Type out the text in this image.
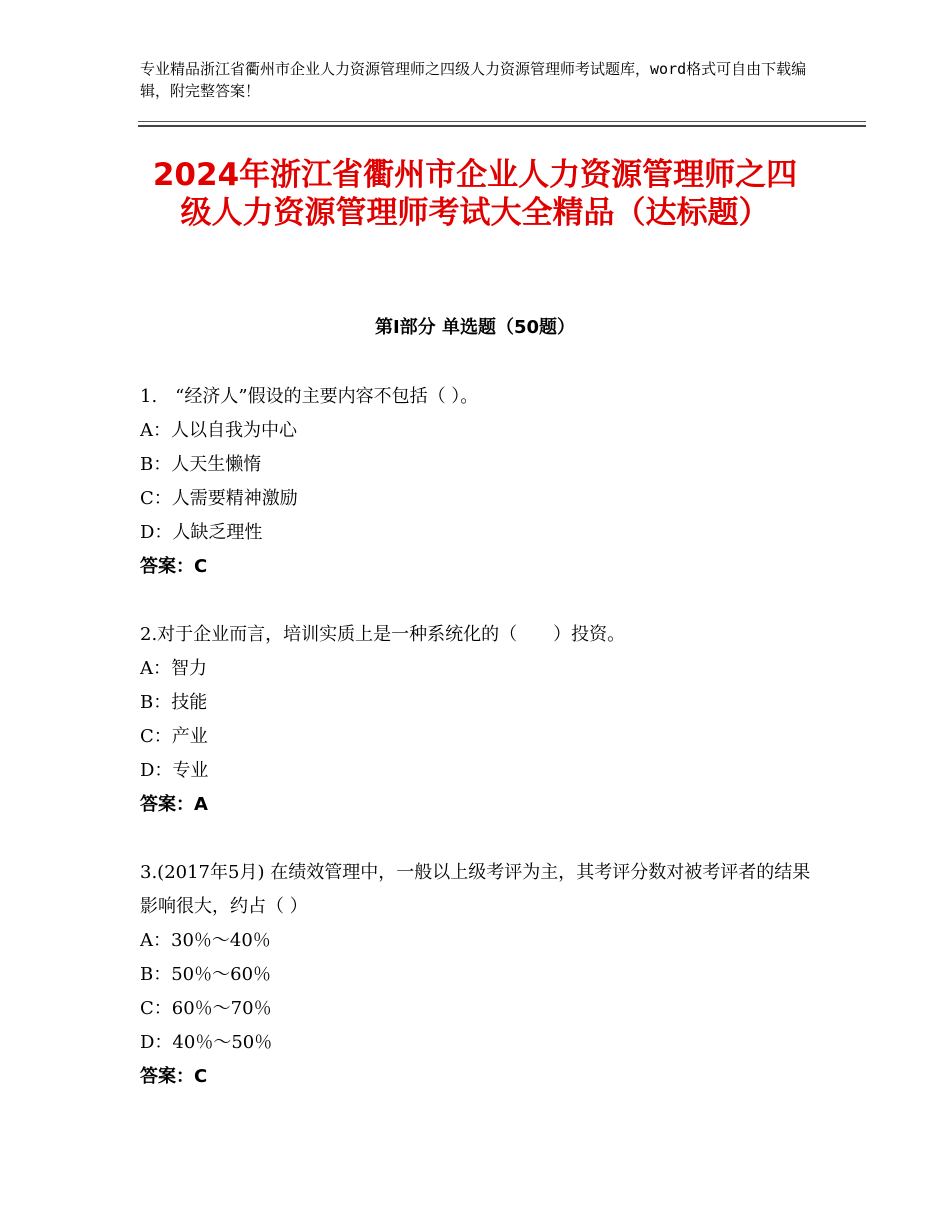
专业精品浙江省衢州市企业人力资源管理师之四级人力资源管理师考试题库，word格式可自由下载编辑，附完整答案！
2024年浙江省衢州市企业人力资源管理师之四级人力资源管理师考试大全精品（达标题）
第Ⅰ部分 单选题（50题）

1.　“经济人”假设的主要内容不包括（ ）。

A：人以自我为中心

B：人天生懒惰

C：人需要精神激励

D：人缺乏理性

答案：C

2.对于企业而言，培训实质上是一种系统化的（　　）投资。

A：智力

B：技能

C：产业

D：专业

答案：A

3.(2017年5月) 在绩效管理中，一般以上级考评为主，其考评分数对被考评者的结果影响很大，约占（ ）

A：30％～40％

B：50％～60％

C：60％～70％

D：40％～50％

答案：C
